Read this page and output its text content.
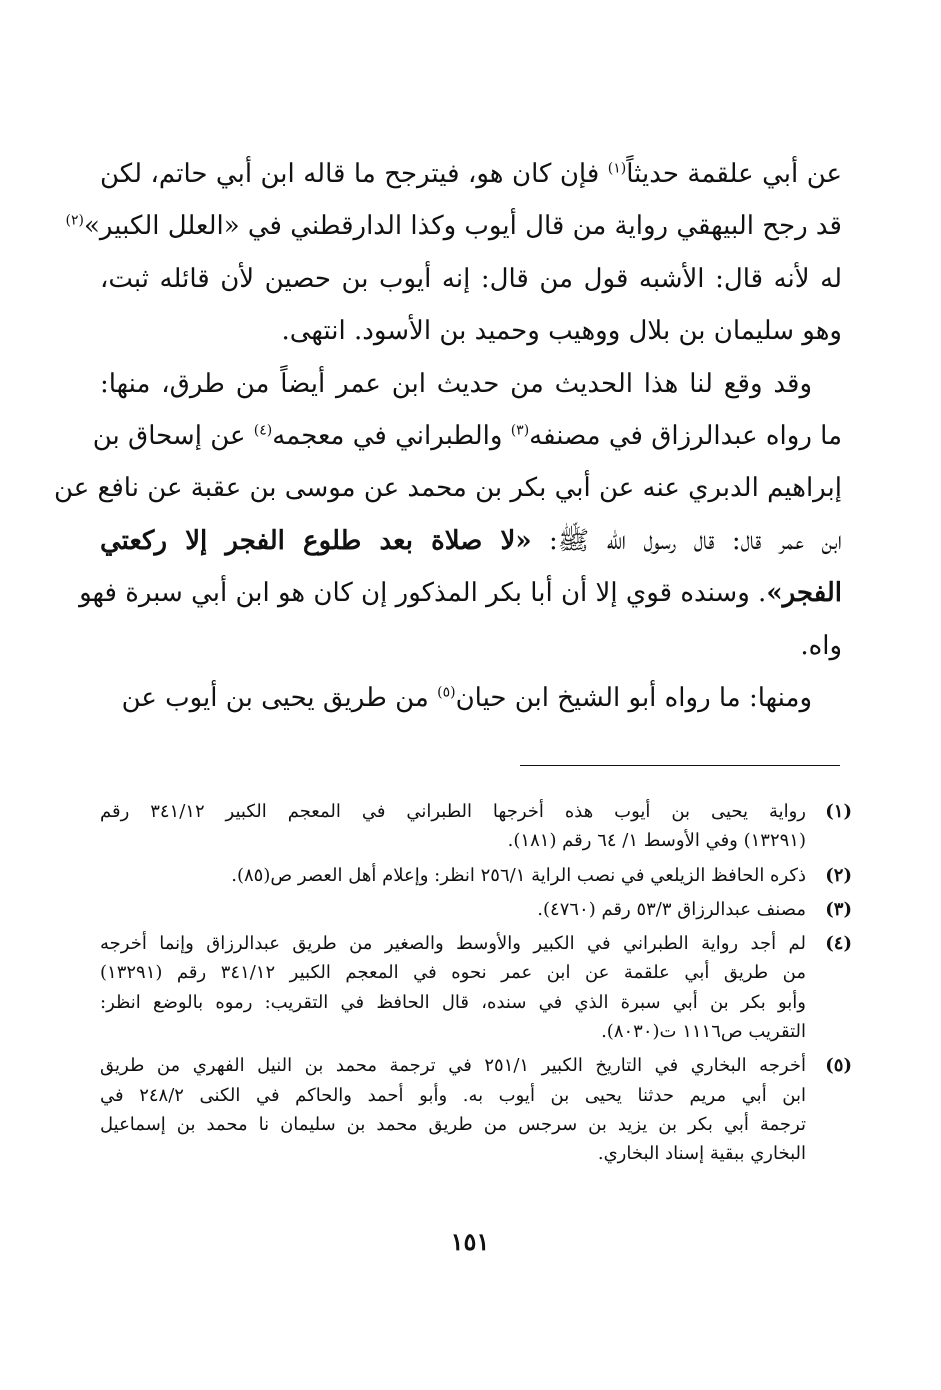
عن أبي علقمة حديثاً$^{(١)}$ فإن كان هو، فيترجح ما قاله ابن أبي حاتم، لكن
قد رجح البيهقي رواية من قال أيوب وكذا الدارقطني في «العلل الكبير»$^{(٢)}$
له لأنه قال: الأشبه قول من قال: إنه أيوب بن حصين لأن قائله ثبت،
وهو سليمان بن بلال ووهيب وحميد بن الأسود. انتهى.
وقد وقع لنا هذا الحديث من حديث ابن عمر أيضاً من طرق، منها:
ما رواه عبدالرزاق في مصنفه$^{(٣)}$ والطبراني في معجمه$^{(٤)}$ عن إسحاق بن
إبراهيم الدبري عنه عن أبي بكر بن محمد عن موسى بن عقبة عن نافع عن
ابن عمر قال: قال رسول الله ﷺ: «لا صلاة بعد طلوع الفجر إلا ركعتي
الفجر». وسنده قوي إلا أن أبا بكر المذكور إن كان هو ابن أبي سبرة فهو
واه.
ومنها: ما رواه أبو الشيخ ابن حيان$^{(٥)}$ من طريق يحيى بن أيوب عن
(١)
رواية يحيى بن أيوب هذه أخرجها الطبراني في المعجم الكبير ٣٤١/١٢ رقم
(١٣٢٩١) وفي الأوسط ١/ ٦٤ رقم (١٨١).
(٢)
ذكره الحافظ الزيلعي في نصب الراية ٢٥٦/١ انظر: وإعلام أهل العصر ص(٨٥).
(٣)
مصنف عبدالرزاق ٥٣/٣ رقم (٤٧٦٠).
(٤)
لم أجد رواية الطبراني في الكبير والأوسط والصغير من طريق عبدالرزاق وإنما أخرجه
من طريق أبي علقمة عن ابن عمر نحوه في المعجم الكبير ٣٤١/١٢ رقم (١٣٢٩١)
وأبو بكر بن أبي سبرة الذي في سنده، قال الحافظ في التقريب: رموه بالوضع انظر:
التقريب ص١١١٦ ت(٨٠٣٠).
(٥)
أخرجه البخاري في التاريخ الكبير ٢٥١/١ في ترجمة محمد بن النيل الفهري من طريق
ابن أبي مريم حدثنا يحيى بن أيوب به. وأبو أحمد والحاكم في الكنى ٢٤٨/٢ في
ترجمة أبي بكر بن يزيد بن سرجس من طريق محمد بن سليمان نا محمد بن إسماعيل
البخاري ببقية إسناد البخاري.
١٥١
